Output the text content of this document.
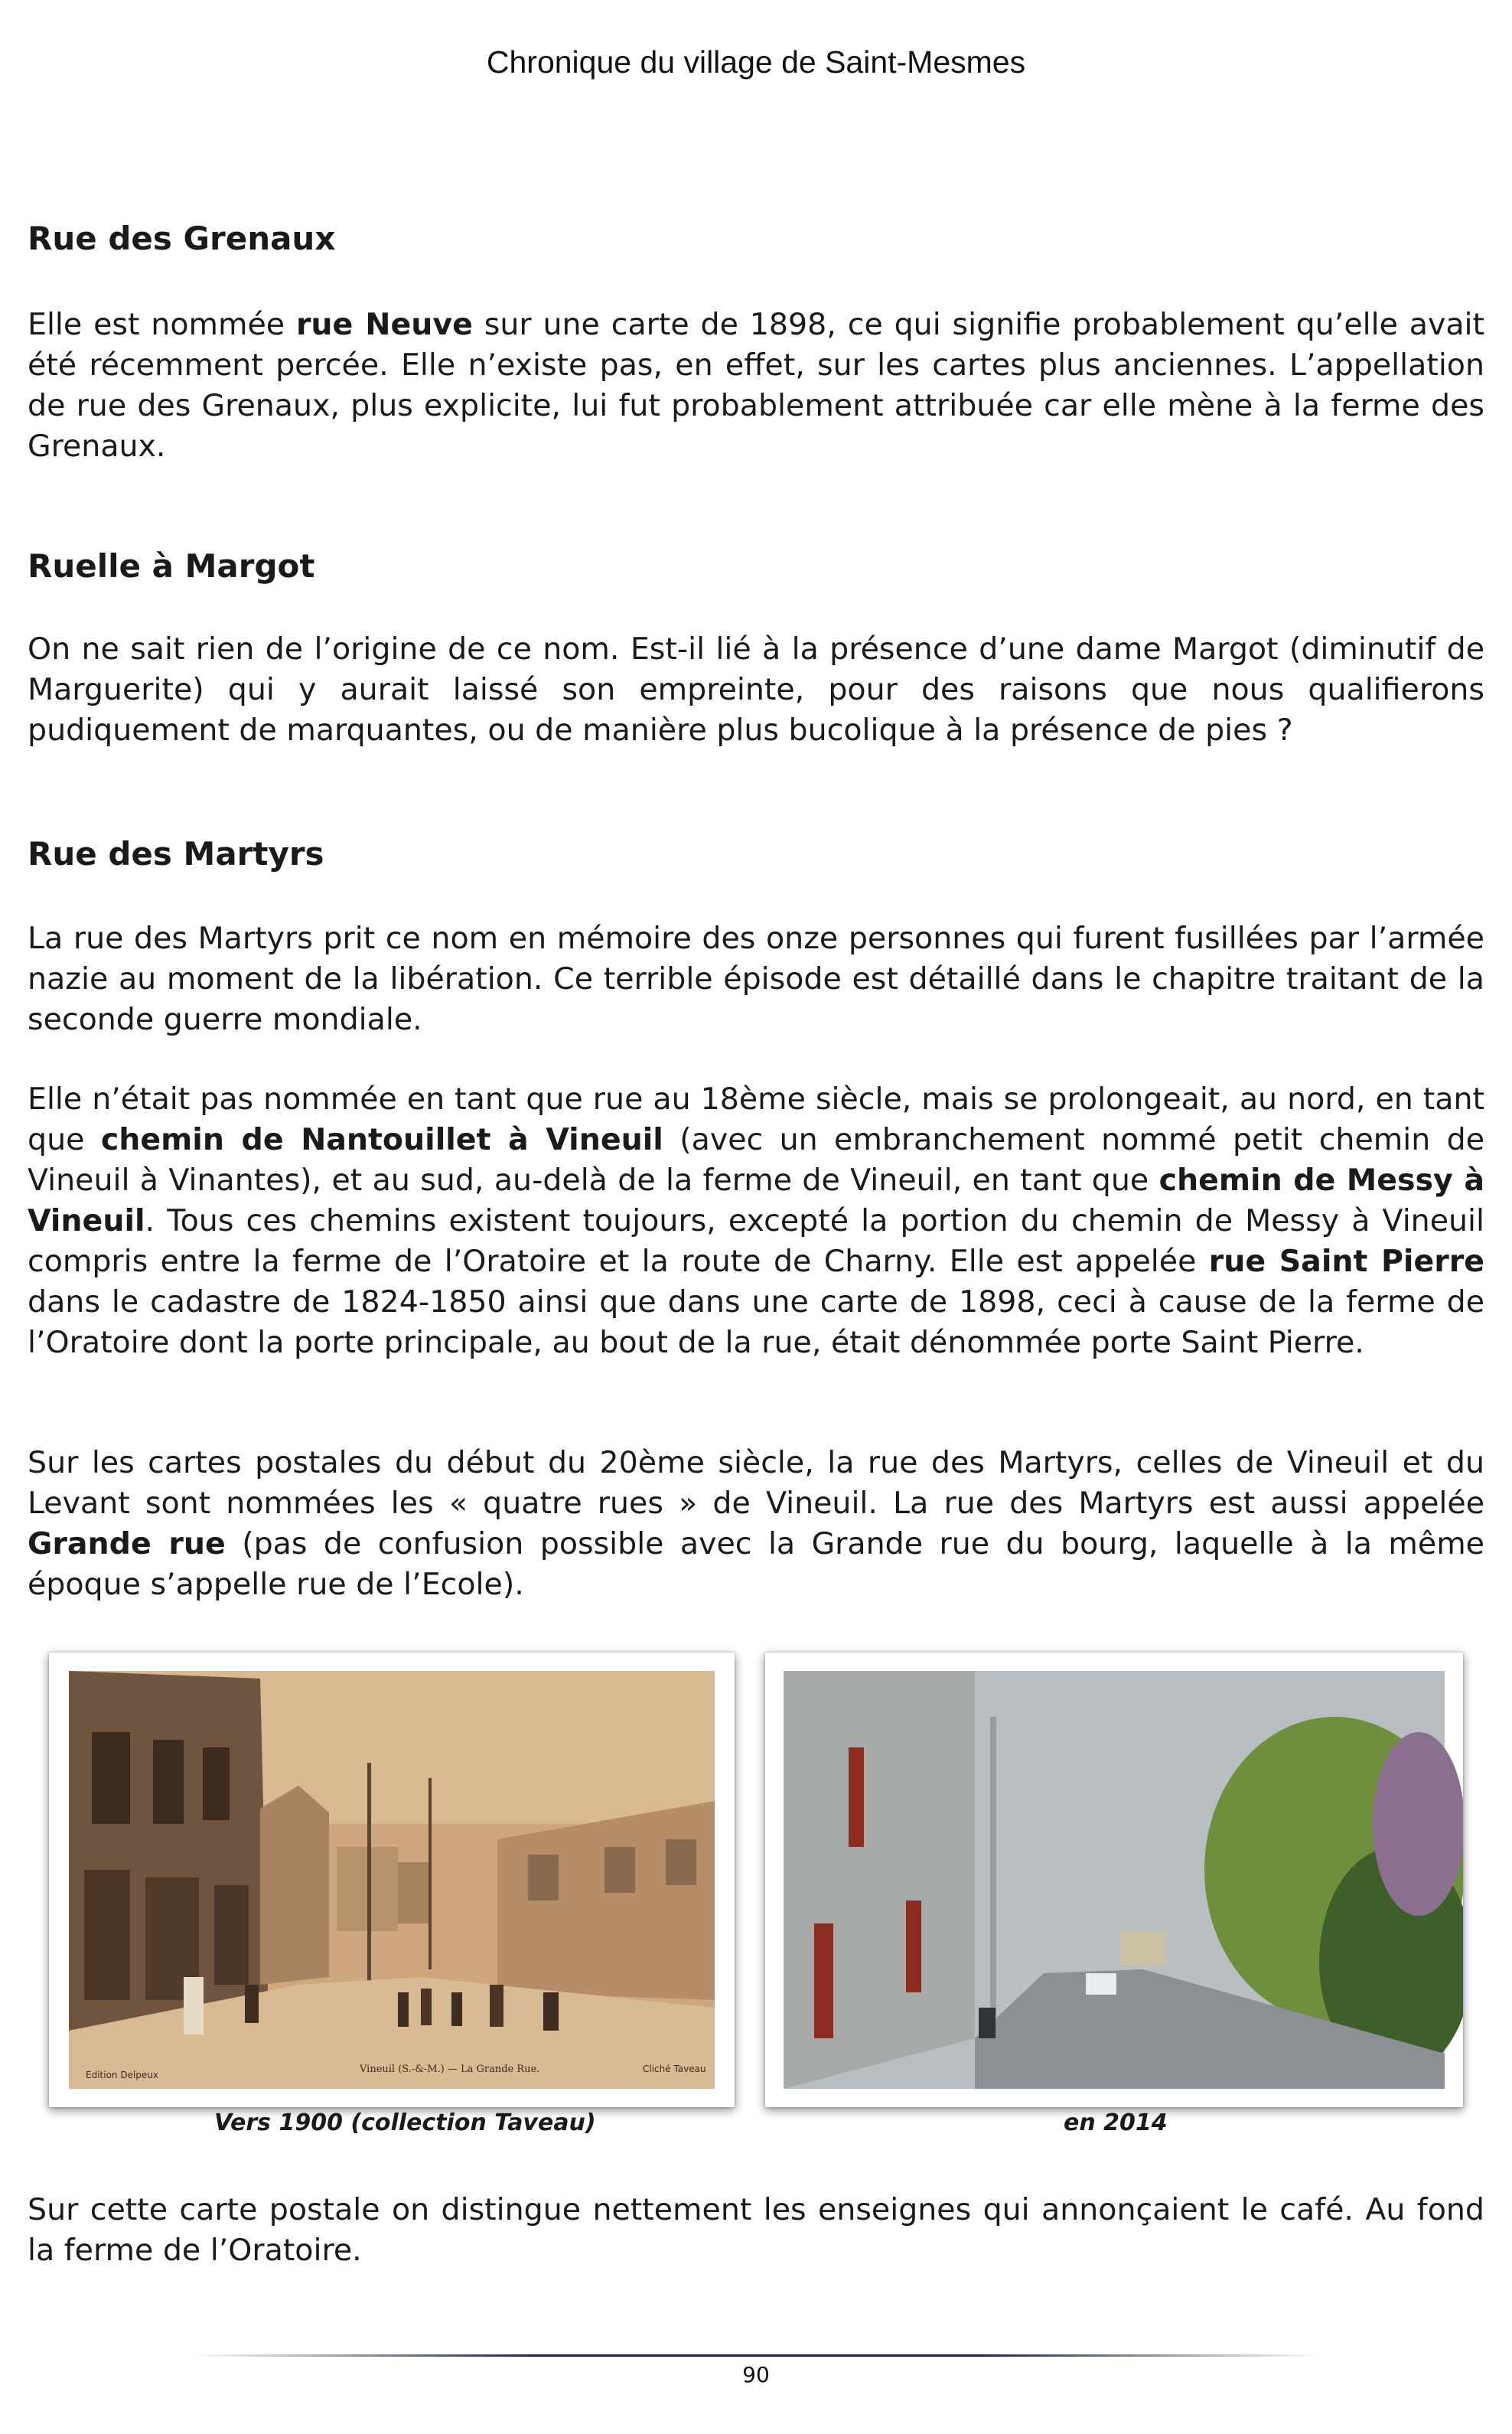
Chronique du village de Saint-Mesmes
Rue des Grenaux

Elle est nommée rue Neuve sur une carte de 1898, ce qui signifie probablement qu’elle avait été récemment percée. Elle n’existe pas, en effet, sur les cartes plus anciennes. L’appellation de rue des Grenaux, plus explicite, lui fut probablement attribuée car elle mène à la ferme des Grenaux.

Ruelle à Margot

On ne sait rien de l’origine de ce nom. Est-il lié à la présence d’une dame Margot (diminutif de Marguerite) qui y aurait laissé son empreinte, pour des raisons que nous qualifierons pudiquement de marquantes, ou de manière plus bucolique à la présence de pies ?

Rue des Martyrs

La rue des Martyrs prit ce nom en mémoire des onze personnes qui furent fusillées par l’armée nazie au moment de la libération. Ce terrible épisode est détaillé dans le chapitre traitant de la seconde guerre mondiale.

Elle n’était pas nommée en tant que rue au 18ème siècle, mais se prolongeait, au nord, en tant que chemin de Nantouillet à Vineuil (avec un embranchement nommé petit chemin de Vineuil à Vinantes), et au sud, au-delà de la ferme de Vineuil, en tant que chemin de Messy à Vineuil. Tous ces chemins existent toujours, excepté la portion du chemin de Messy à Vineuil compris entre la ferme de l’Oratoire et la route de Charny. Elle est appelée rue Saint Pierre dans le cadastre de 1824-1850 ainsi que dans une carte de 1898, ceci à cause de la ferme de l’Oratoire dont la porte principale, au bout de la rue, était dénommée porte Saint Pierre.

Sur les cartes postales du début du 20ème siècle, la rue des Martyrs, celles de Vineuil et du Levant sont nommées les « quatre rues » de Vineuil. La rue des Martyrs est aussi appelée Grande rue (pas de confusion possible avec la Grande rue du bourg, laquelle à la même époque s’appelle rue de l’Ecole).

Edition Delpeux	Vineuil (S.-&-M.) — La Grande Rue.	Cliché Taveau
Vers 1900 (collection Taveau)	en 2014

Sur cette carte postale on distingue nettement les enseignes qui annonçaient le café. Au fond la ferme de l’Oratoire.

90
